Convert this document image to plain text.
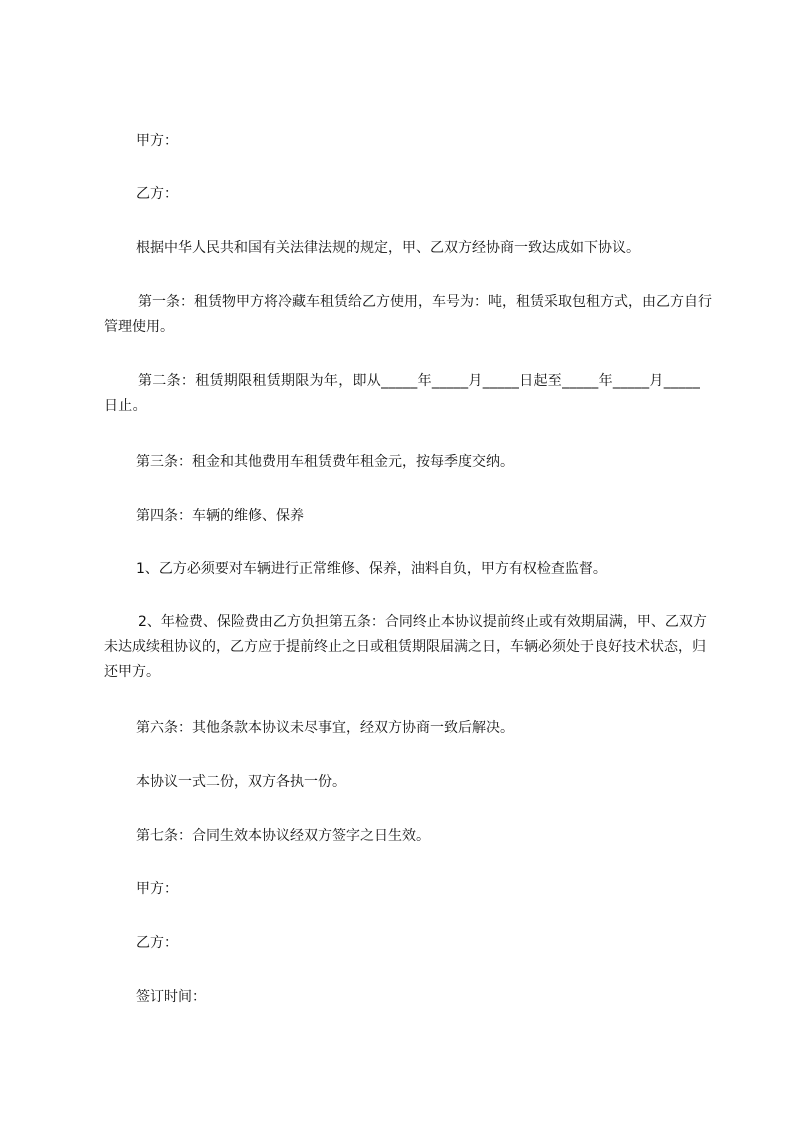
甲方：

乙方：

根据中华人民共和国有关法律法规的规定，甲、乙双方经协商一致达成如下协议。

第一条：租赁物甲方将冷藏车租赁给乙方使用，车号为：吨，租赁采取包租方式，由乙方自行管理使用。

第二条：租赁期限租赁期限为年，即从_____年_____月_____日起至_____年_____月_____日止。

第三条：租金和其他费用车租赁费年租金元，按每季度交纳。

第四条：车辆的维修、保养

1、乙方必须要对车辆进行正常维修、保养，油料自负，甲方有权检查监督。

2、年检费、保险费由乙方负担第五条：合同终止本协议提前终止或有效期届满，甲、乙双方未达成续租协议的，乙方应于提前终止之日或租赁期限届满之日，车辆必须处于良好技术状态，归还甲方。

第六条：其他条款本协议未尽事宜，经双方协商一致后解决。

本协议一式二份，双方各执一份。

第七条：合同生效本协议经双方签字之日生效。

甲方：

乙方：

签订时间：
